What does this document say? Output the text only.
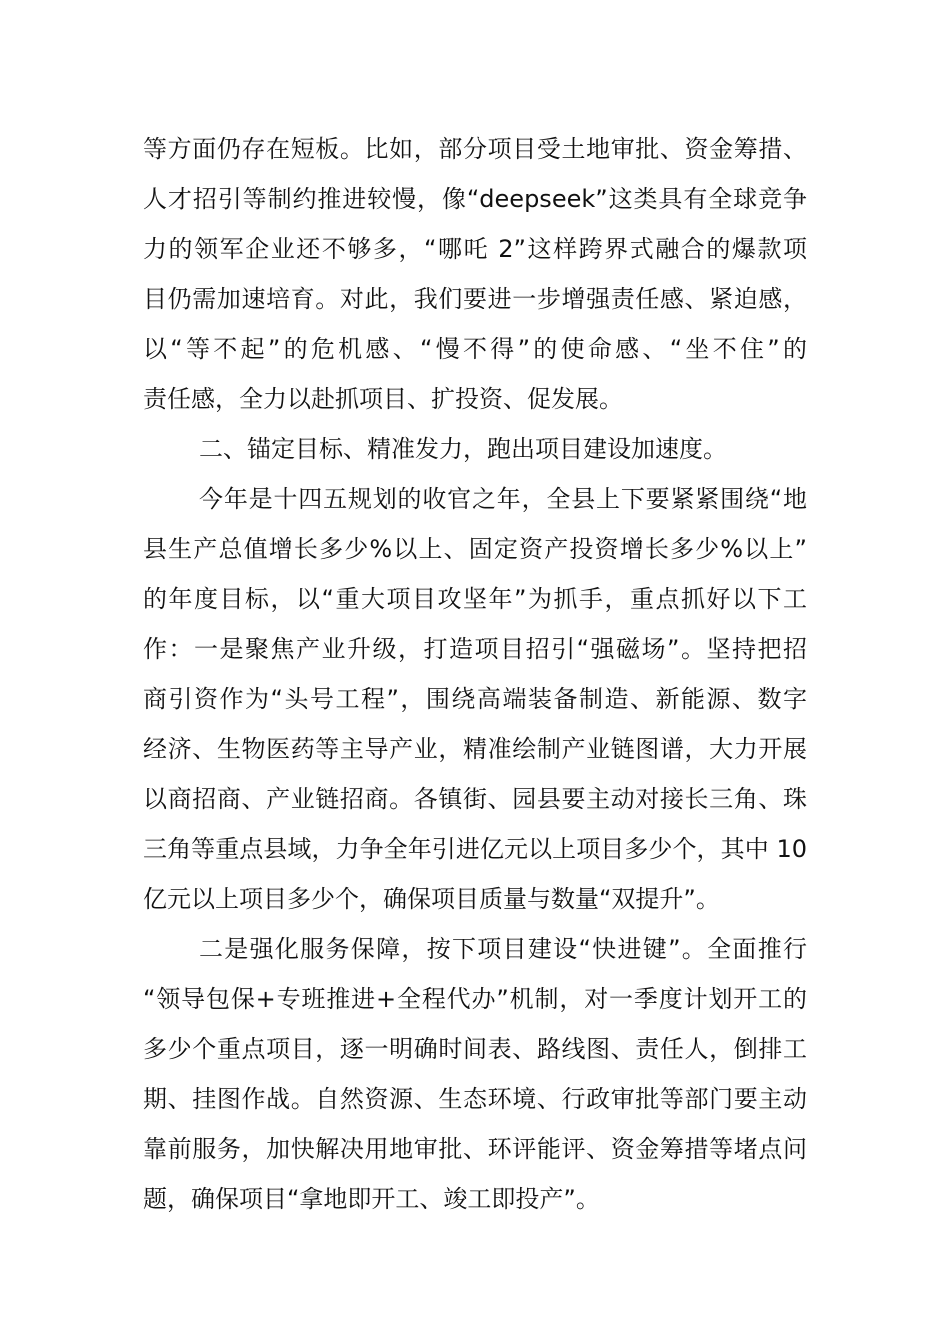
等方面仍存在短板。比如，部分项目受土地审批、资金筹措、
人才招引等制约推进较慢，像“deepseek”这类具有全球竞争
力的领军企业还不够多，“哪吒 2”这样跨界式融合的爆款项
目仍需加速培育。对此，我们要进一步增强责任感、紧迫感，
以“等不起”的危机感、“慢不得”的使命感、“坐不住”的
责任感，全力以赴抓项目、扩投资、促发展。
二、锚定目标、精准发力，跑出项目建设加速度。
今年是十四五规划的收官之年，全县上下要紧紧围绕“地
县生产总值增长多少%以上、固定资产投资增长多少%以上”
的年度目标，以“重大项目攻坚年”为抓手，重点抓好以下工
作：一是聚焦产业升级，打造项目招引“强磁场”。坚持把招
商引资作为“头号工程”，围绕高端装备制造、新能源、数字
经济、生物医药等主导产业，精准绘制产业链图谱，大力开展
以商招商、产业链招商。各镇街、园县要主动对接长三角、珠
三角等重点县域，力争全年引进亿元以上项目多少个，其中 10
亿元以上项目多少个，确保项目质量与数量“双提升”。
二是强化服务保障，按下项目建设“快进键”。全面推行
“领导包保+专班推进+全程代办”机制，对一季度计划开工的
多少个重点项目，逐一明确时间表、路线图、责任人，倒排工
期、挂图作战。自然资源、生态环境、行政审批等部门要主动
靠前服务，加快解决用地审批、环评能评、资金筹措等堵点问
题，确保项目“拿地即开工、竣工即投产”。
